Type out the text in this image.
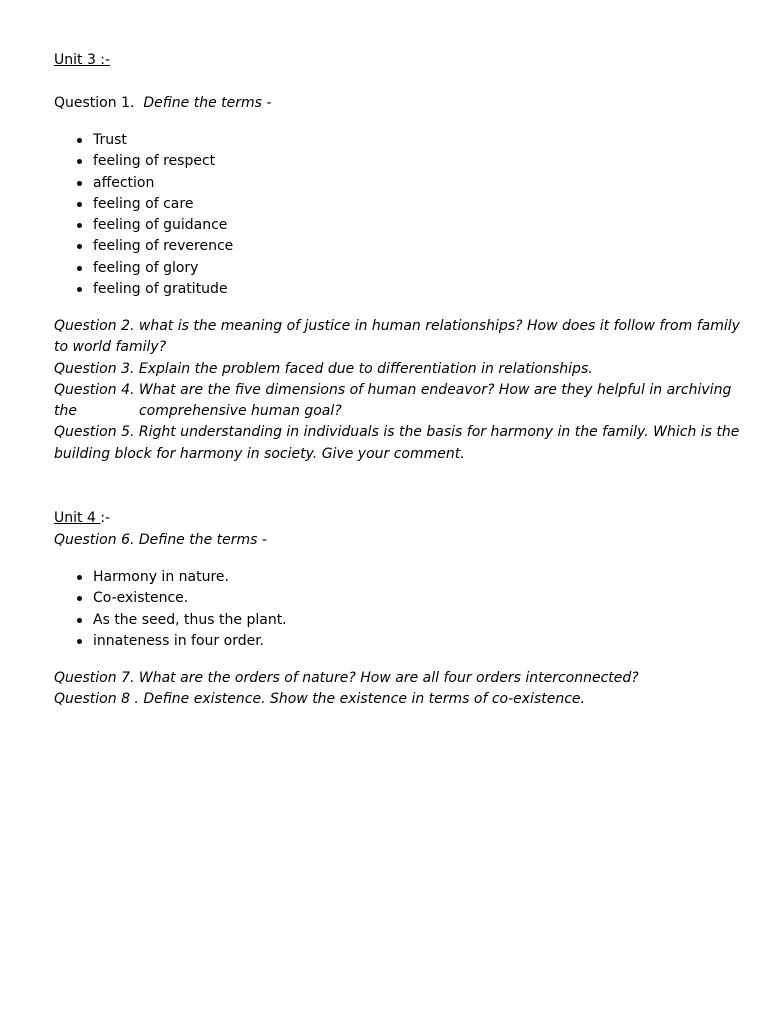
Unit 3 :-
Question 1. Define the terms -
Trust
feeling of respect
affection
feeling of care
feeling of guidance
feeling of reverence
feeling of glory
feeling of gratitude
Question 2. what is the meaning of justice in human relationships? How does it follow from family
to world family?
Question 3. Explain the problem faced due to differentiation in relationships.
Question 4. What are the five dimensions of human endeavor? How are they helpful in archiving
the	comprehensive human goal?
Question 5. Right understanding in individuals is the basis for harmony in the family. Which is the
building block for harmony in society. Give your comment.
Unit 4 :-
Question 6. Define the terms -
Harmony in nature.
Co-existence.
As the seed, thus the plant.
innateness in four order.
Question 7. What are the orders of nature? How are all four orders interconnected?
Question 8 . Define existence. Show the existence in terms of co-existence.
